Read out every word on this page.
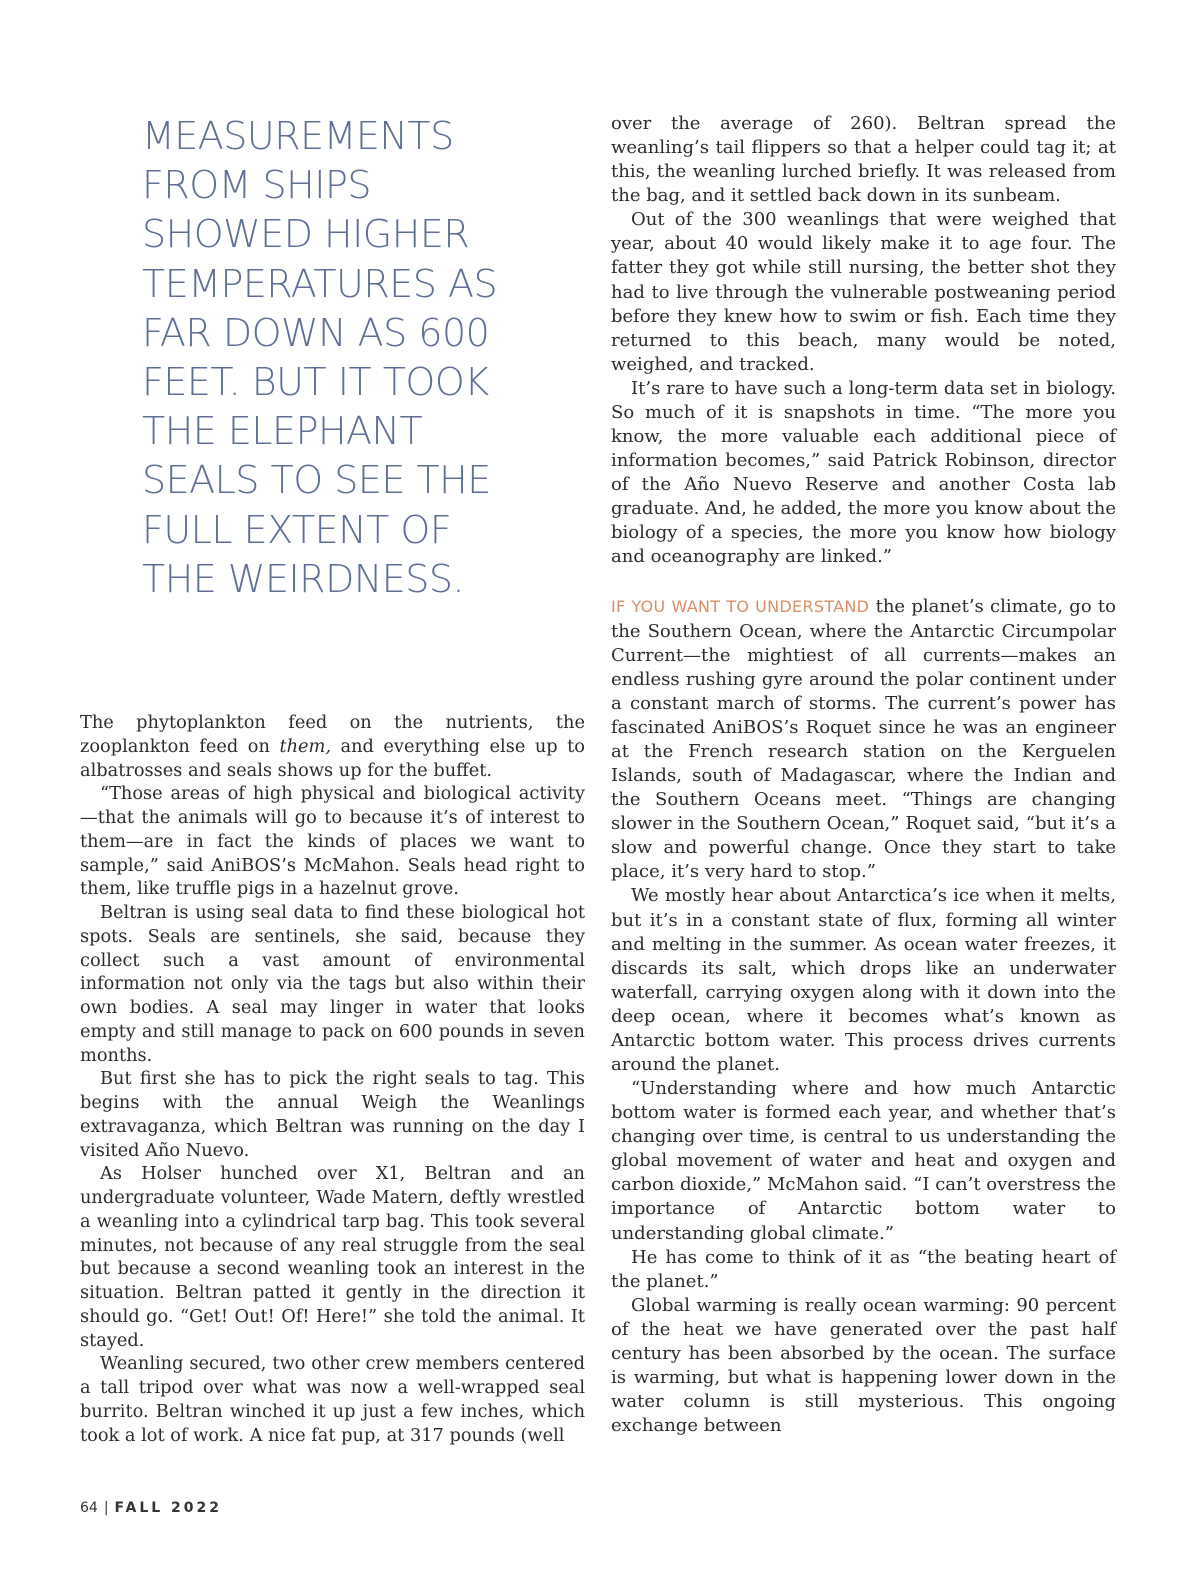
MEASUREMENTS
FROM SHIPS
SHOWED HIGHER
TEMPERATURES AS
FAR DOWN AS 600
FEET. BUT IT TOOK
THE ELEPHANT
SEALS TO SEE THE
FULL EXTENT OF
THE WEIRDNESS.

The phytoplankton feed on the nutrients, the zooplankton feed on them, and everything else up to albatrosses and seals shows up for the buffet.

“Those areas of high physical and biological activity—that the animals will go to because it’s of interest to them—are in fact the kinds of places we want to sample,” said AniBOS’s McMahon. Seals head right to them, like truffle pigs in a hazelnut grove.

Beltran is using seal data to find these biological hot spots. Seals are sentinels, she said, because they collect such a vast amount of environmental information not only via the tags but also within their own bodies. A seal may linger in water that looks empty and still manage to pack on 600 pounds in seven months.

But first she has to pick the right seals to tag. This begins with the annual Weigh the Weanlings extravaganza, which Beltran was running on the day I visited Año Nuevo.

As Holser hunched over X1, Beltran and an undergraduate volunteer, Wade Matern, deftly wrestled a weanling into a cylindrical tarp bag. This took several minutes, not because of any real struggle from the seal but because a second weanling took an interest in the situation. Beltran patted it gently in the direction it should go. “Get! Out! Of! Here!” she told the animal. It stayed.

Weanling secured, two other crew members centered a tall tripod over what was now a well-wrapped seal burrito. Beltran winched it up just a few inches, which took a lot of work. A nice fat pup, at 317 pounds (well

over the average of 260). Beltran spread the weanling’s tail flippers so that a helper could tag it; at this, the weanling lurched briefly. It was released from the bag, and it settled back down in its sunbeam.

Out of the 300 weanlings that were weighed that year, about 40 would likely make it to age four. The fatter they got while still nursing, the better shot they had to live through the vulnerable postweaning period before they knew how to swim or fish. Each time they returned to this beach, many would be noted, weighed, and tracked.

It’s rare to have such a long-term data set in biology. So much of it is snapshots in time. “The more you know, the more valuable each additional piece of information becomes,” said Patrick Robinson, director of the Año Nuevo Reserve and another Costa lab graduate. And, he added, the more you know about the biology of a species, the more you know how biology and oceanography are linked.”

IF YOU WANT TO UNDERSTAND the planet’s climate, go to the Southern Ocean, where the Antarctic Circumpolar Current—the mightiest of all currents—makes an endless rushing gyre around the polar continent under a constant march of storms. The current’s power has fascinated AniBOS’s Roquet since he was an engineer at the French research station on the Kerguelen Islands, south of Madagascar, where the Indian and the Southern Oceans meet. “Things are changing slower in the Southern Ocean,” Roquet said, “but it’s a slow and powerful change. Once they start to take place, it’s very hard to stop.”

We mostly hear about Antarctica’s ice when it melts, but it’s in a constant state of flux, forming all winter and melting in the summer. As ocean water freezes, it discards its salt, which drops like an underwater waterfall, carrying oxygen along with it down into the deep ocean, where it becomes what’s known as Antarctic bottom water. This process drives currents around the planet.

“Understanding where and how much Antarctic bottom water is formed each year, and whether that’s changing over time, is central to us understanding the global movement of water and heat and oxygen and carbon dioxide,” McMahon said. “I can’t overstress the importance of Antarctic bottom water to understanding global climate.”

He has come to think of it as “the beating heart of the planet.”

Global warming is really ocean warming: 90 percent of the heat we have generated over the past half century has been absorbed by the ocean. The surface is warming, but what is happening lower down in the water column is still mysterious. This ongoing exchange between

64 | FALL 2022
